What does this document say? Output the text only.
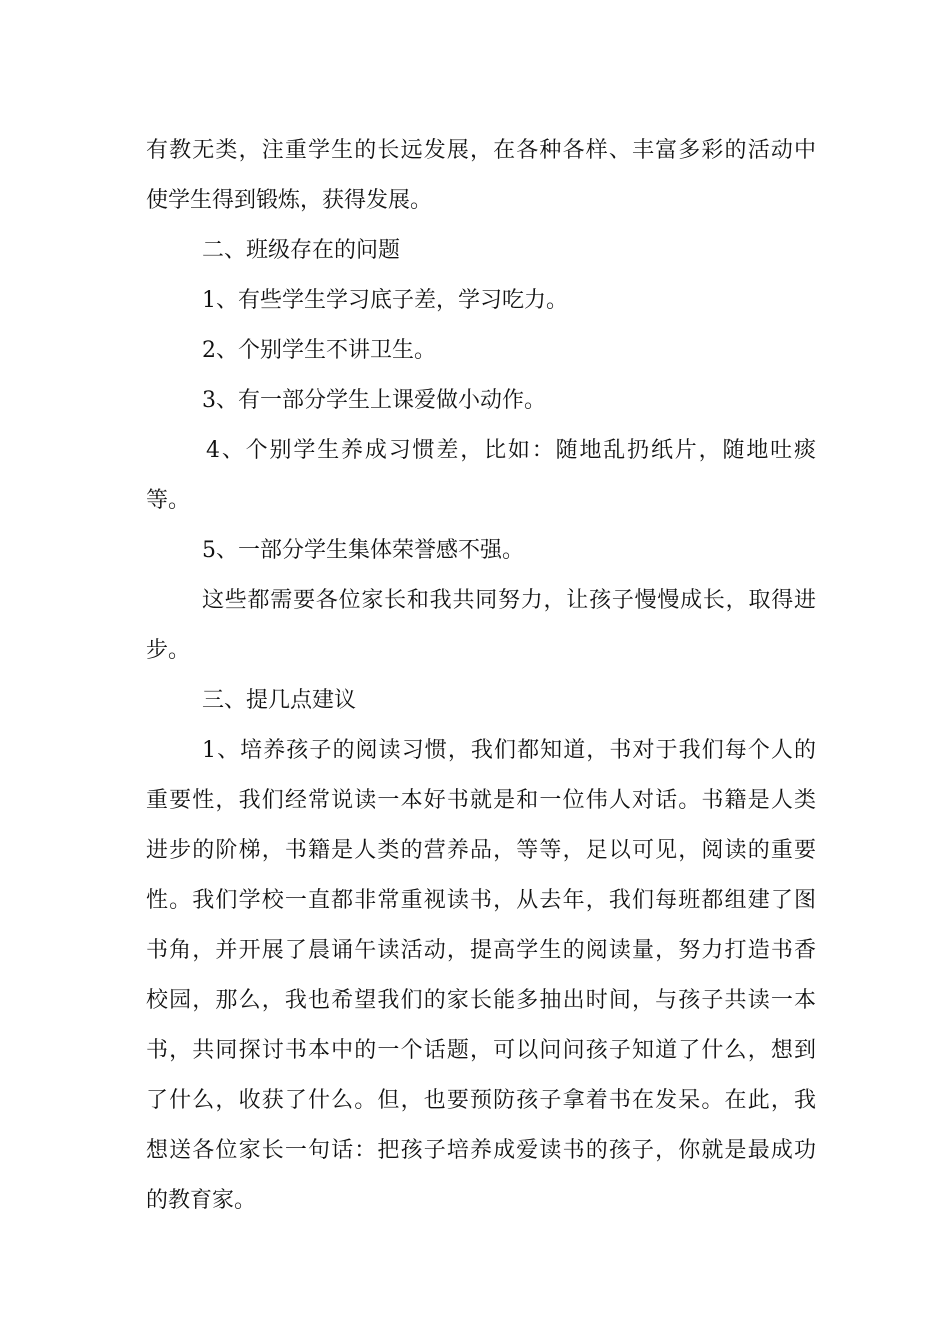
有教无类，注重学生的长远发展，在各种各样、丰富多彩的活动中
使学生得到锻炼，获得发展。
二、班级存在的问题
1、有些学生学习底子差，学习吃力。
2、个别学生不讲卫生。
3、有一部分学生上课爱做小动作。
4、个别学生养成习惯差，比如：随地乱扔纸片，随地吐痰
等。
5、一部分学生集体荣誉感不强。
这些都需要各位家长和我共同努力，让孩子慢慢成长，取得进
步。
三、提几点建议
1、培养孩子的阅读习惯，我们都知道，书对于我们每个人的
重要性，我们经常说读一本好书就是和一位伟人对话。书籍是人类
进步的阶梯，书籍是人类的营养品，等等，足以可见，阅读的重要
性。我们学校一直都非常重视读书，从去年，我们每班都组建了图
书角，并开展了晨诵午读活动，提高学生的阅读量，努力打造书香
校园，那么，我也希望我们的家长能多抽出时间，与孩子共读一本
书，共同探讨书本中的一个话题，可以问问孩子知道了什么，想到
了什么，收获了什么。但，也要预防孩子拿着书在发呆。在此，我
想送各位家长一句话：把孩子培养成爱读书的孩子，你就是最成功
的教育家。
